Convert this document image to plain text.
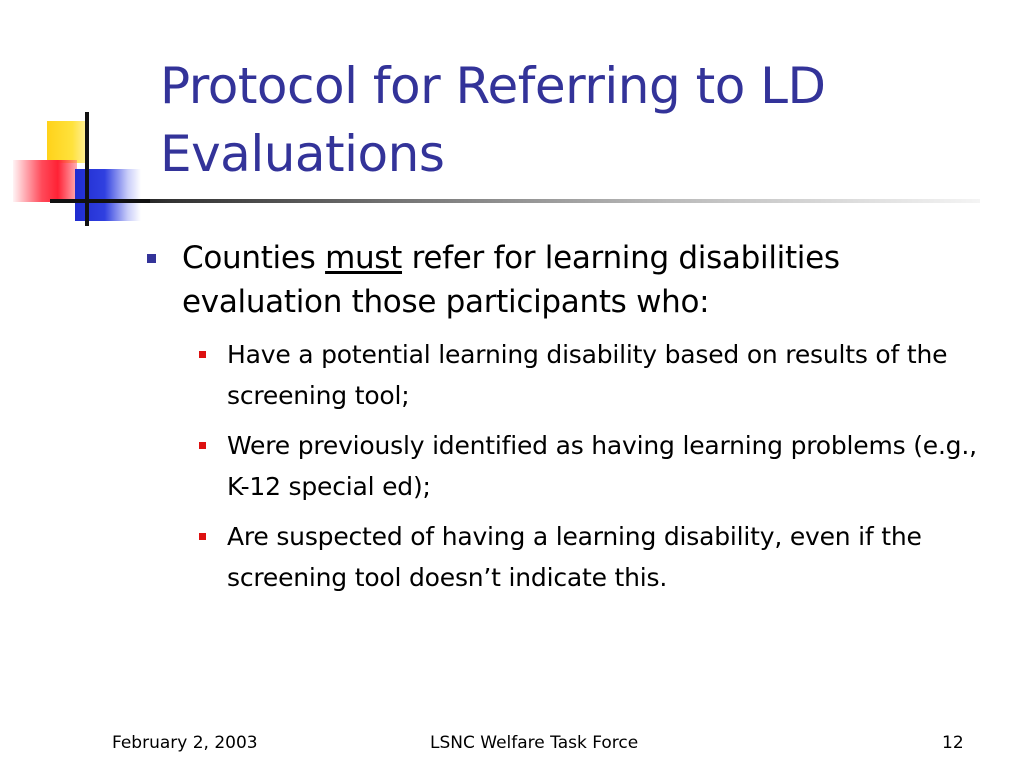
Protocol for Referring to LD Evaluations
Counties must refer for learning disabilities evaluation those participants who:
Have a potential learning disability based on results of the screening tool;
Were previously identified as having learning problems (e.g., K-12 special ed);
Are suspected of having a learning disability, even if the screening tool doesn’t indicate this.
February 2, 2003	LSNC Welfare Task Force	12
